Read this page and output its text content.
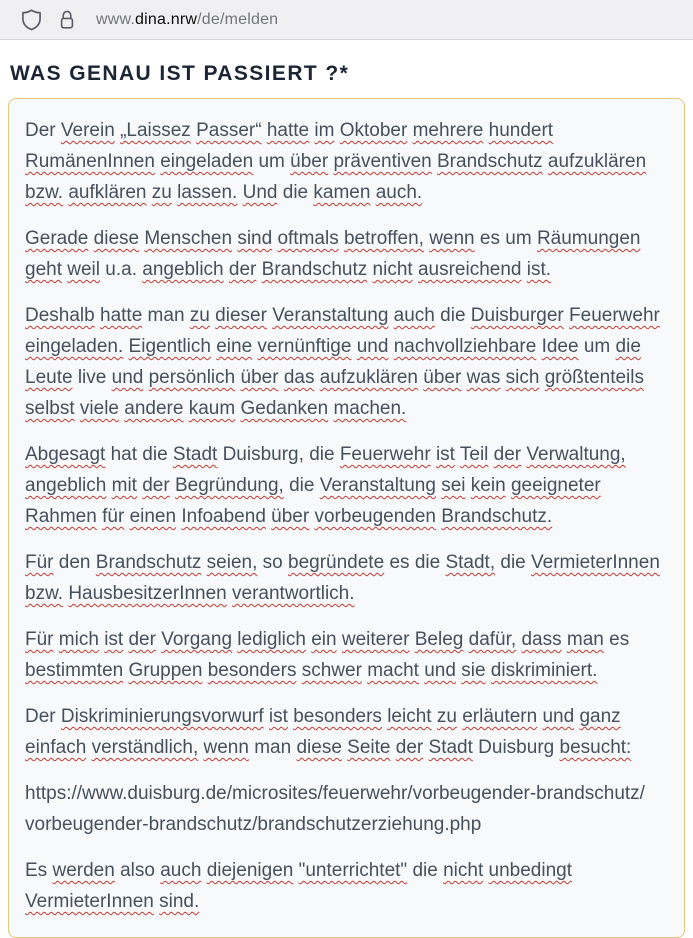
www.dina.nrw/de/melden
WAS GENAU IST PASSIERT ?*
Der Verein „Laissez Passer“ hatte im Oktober mehrere hundert RumänenInnen eingeladen um über präventiven Brandschutz aufzuklären bzw. aufklären zu lassen. Und die kamen auch.
Gerade diese Menschen sind oftmals betroffen, wenn es um Räumungen geht weil u.a. angeblich der Brandschutz nicht ausreichend ist.
Deshalb hatte man zu dieser Veranstaltung auch die Duisburger Feuerwehr eingeladen. Eigentlich eine vernünftige und nachvollziehbare Idee um die Leute live und persönlich über das aufzuklären über was sich größtenteils selbst viele andere kaum Gedanken machen.
Abgesagt hat die Stadt Duisburg, die Feuerwehr ist Teil der Verwaltung, angeblich mit der Begründung, die Veranstaltung sei kein geeigneter Rahmen für einen Infoabend über vorbeugenden Brandschutz.
Für den Brandschutz seien, so begründete es die Stadt, die VermieterInnen bzw. HausbesitzerInnen verantwortlich.
Für mich ist der Vorgang lediglich ein weiterer Beleg dafür, dass man es bestimmten Gruppen besonders schwer macht und sie diskriminiert.
Der Diskriminierungsvorwurf ist besonders leicht zu erläutern und ganz einfach verständlich, wenn man diese Seite der Stadt Duisburg besucht:
https://www.duisburg.de/microsites/feuerwehr/vorbeugender-brandschutz/vorbeugender-brandschutz/brandschutzerziehung.php
Es werden also auch diejenigen "unterrichtet" die nicht unbedingt VermieterInnen sind.
